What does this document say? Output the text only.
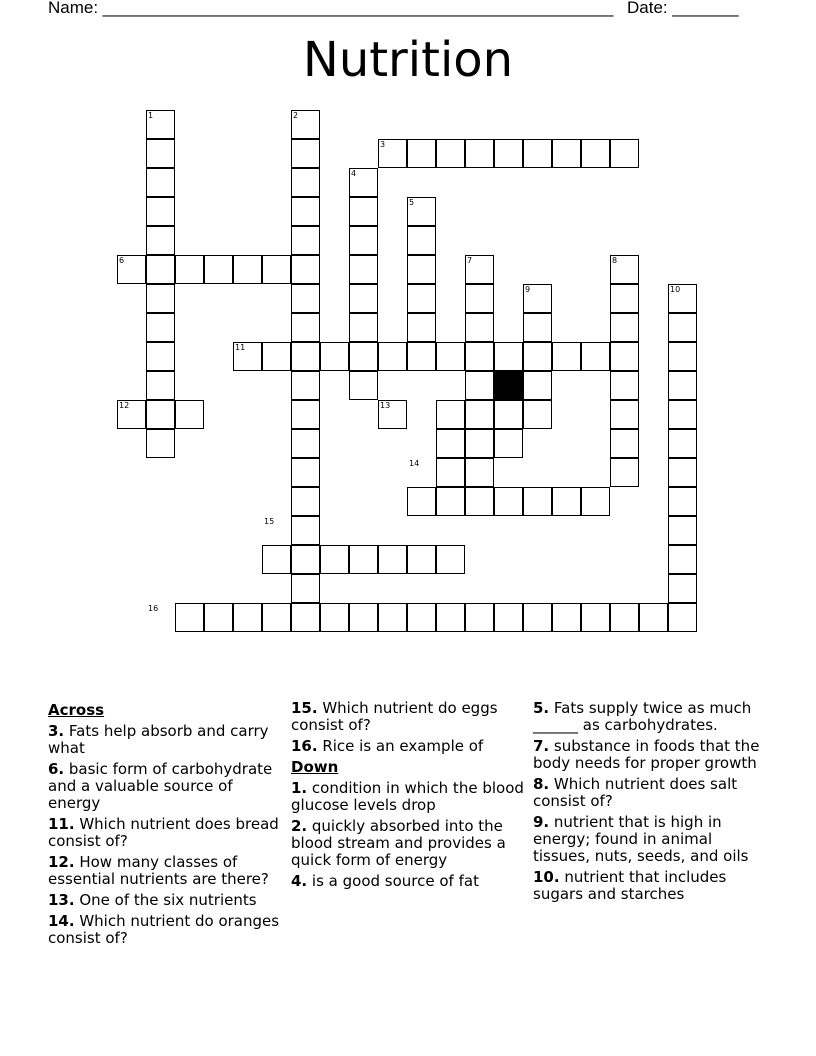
Name: ______________________________________________________ Date: _______
Nutrition
1	2
3
4
5
6	7	8
9	10
11
12	13
14
15
16
Across
3. Fats help absorb and carry what
6. basic form of carbohydrate and a valuable source of energy
11. Which nutrient does bread consist of?
12. How many classes of essential nutrients are there?
13. One of the six nutrients
14. Which nutrient do oranges consist of?
15. Which nutrient do eggs consist of?
16. Rice is an example of
Down
1. condition in which the blood glucose levels drop
2. quickly absorbed into the blood stream and provides a quick form of energy
4. is a good source of fat
5. Fats supply twice as much ______ as carbohydrates.
7. substance in foods that the body needs for proper growth
8. Which nutrient does salt consist of?
9. nutrient that is high in energy; found in animal tissues, nuts, seeds, and oils
10. nutrient that includes sugars and starches
